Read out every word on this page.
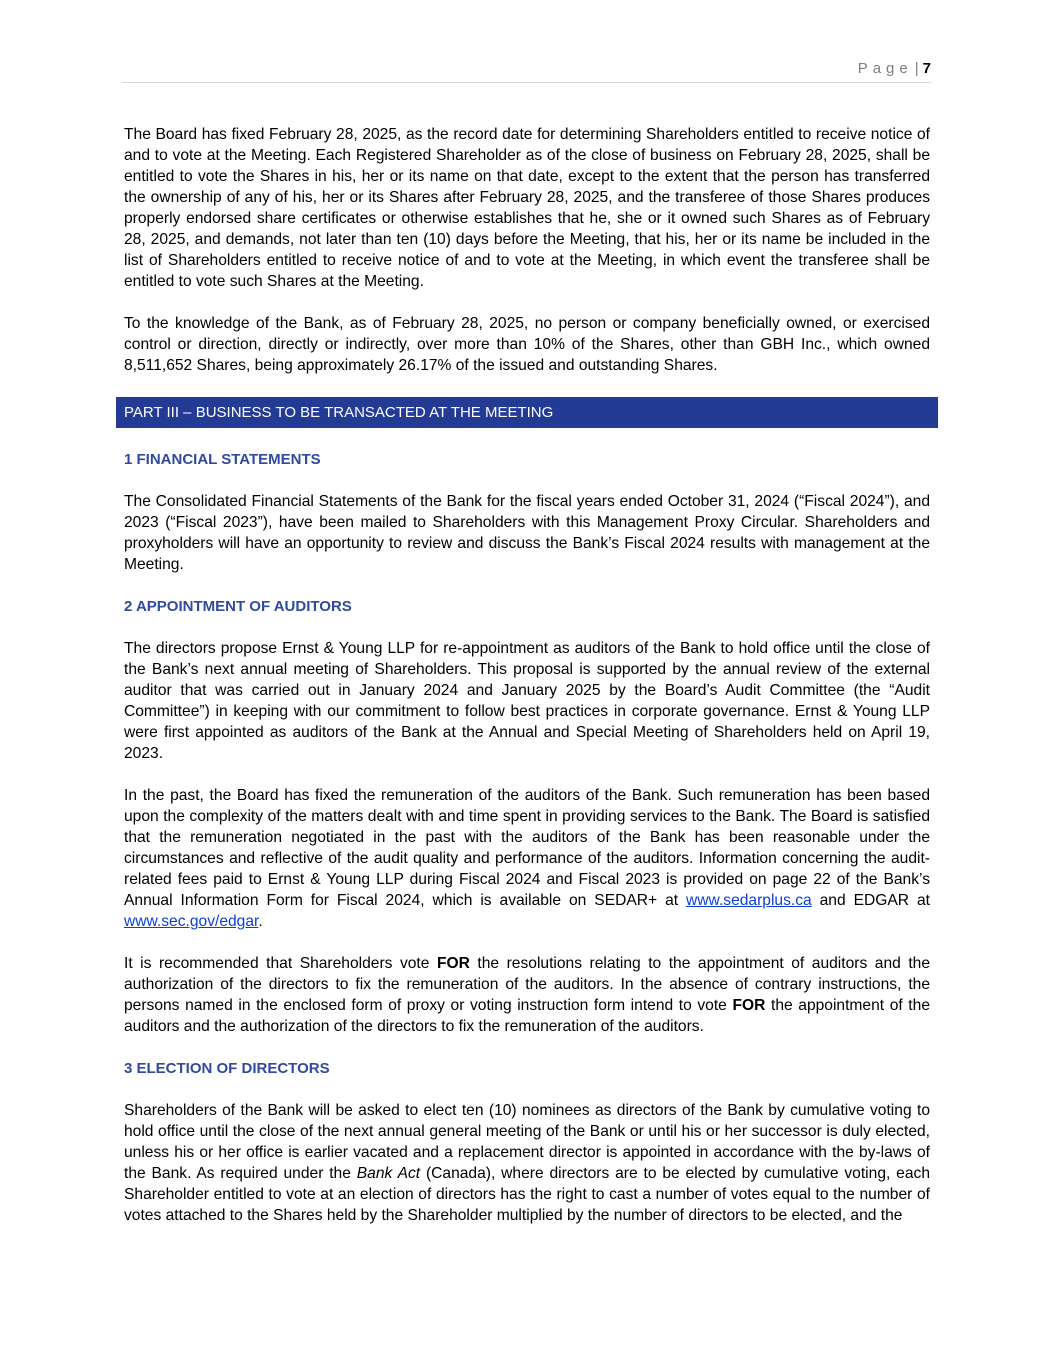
Page | 7

The Board has fixed February 28, 2025, as the record date for determining Shareholders entitled to receive notice of and to vote at the Meeting. Each Registered Shareholder as of the close of business on February 28, 2025, shall be entitled to vote the Shares in his, her or its name on that date, except to the extent that the person has transferred the ownership of any of his, her or its Shares after February 28, 2025, and the transferee of those Shares produces properly endorsed share certificates or otherwise establishes that he, she or it owned such Shares as of February 28, 2025, and demands, not later than ten (10) days before the Meeting, that his, her or its name be included in the list of Shareholders entitled to receive notice of and to vote at the Meeting, in which event the transferee shall be entitled to vote such Shares at the Meeting.

To the knowledge of the Bank, as of February 28, 2025, no person or company beneficially owned, or exercised control or direction, directly or indirectly, over more than 10% of the Shares, other than GBH Inc., which owned 8,511,652 Shares, being approximately 26.17% of the issued and outstanding Shares.

PART III – BUSINESS TO BE TRANSACTED AT THE MEETING
1 FINANCIAL STATEMENTS

The Consolidated Financial Statements of the Bank for the fiscal years ended October 31, 2024 (“Fiscal 2024”), and 2023 (“Fiscal 2023”), have been mailed to Shareholders with this Management Proxy Circular. Shareholders and proxyholders will have an opportunity to review and discuss the Bank’s Fiscal 2024 results with management at the Meeting.

2 APPOINTMENT OF AUDITORS

The directors propose Ernst & Young LLP for re-appointment as auditors of the Bank to hold office until the close of the Bank’s next annual meeting of Shareholders. This proposal is supported by the annual review of the external auditor that was carried out in January 2024 and January 2025 by the Board’s Audit Committee (the “Audit Committee”) in keeping with our commitment to follow best practices in corporate governance. Ernst & Young LLP were first appointed as auditors of the Bank at the Annual and Special Meeting of Shareholders held on April 19, 2023.

In the past, the Board has fixed the remuneration of the auditors of the Bank. Such remuneration has been based upon the complexity of the matters dealt with and time spent in providing services to the Bank. The Board is satisfied that the remuneration negotiated in the past with the auditors of the Bank has been reasonable under the circumstances and reflective of the audit quality and performance of the auditors. Information concerning the audit-related fees paid to Ernst & Young LLP during Fiscal 2024 and Fiscal 2023 is provided on page 22 of the Bank’s Annual Information Form for Fiscal 2024, which is available on SEDAR+ at www.sedarplus.ca and EDGAR at www.sec.gov/edgar.

It is recommended that Shareholders vote FOR the resolutions relating to the appointment of auditors and the authorization of the directors to fix the remuneration of the auditors. In the absence of contrary instructions, the persons named in the enclosed form of proxy or voting instruction form intend to vote FOR the appointment of the auditors and the authorization of the directors to fix the remuneration of the auditors.

3 ELECTION OF DIRECTORS

Shareholders of the Bank will be asked to elect ten (10) nominees as directors of the Bank by cumulative voting to hold office until the close of the next annual general meeting of the Bank or until his or her successor is duly elected, unless his or her office is earlier vacated and a replacement director is appointed in accordance with the by-laws of the Bank. As required under the Bank Act (Canada), where directors are to be elected by cumulative voting, each Shareholder entitled to vote at an election of directors has the right to cast a number of votes equal to the number of votes attached to the Shares held by the Shareholder multiplied by the number of directors to be elected, and the
